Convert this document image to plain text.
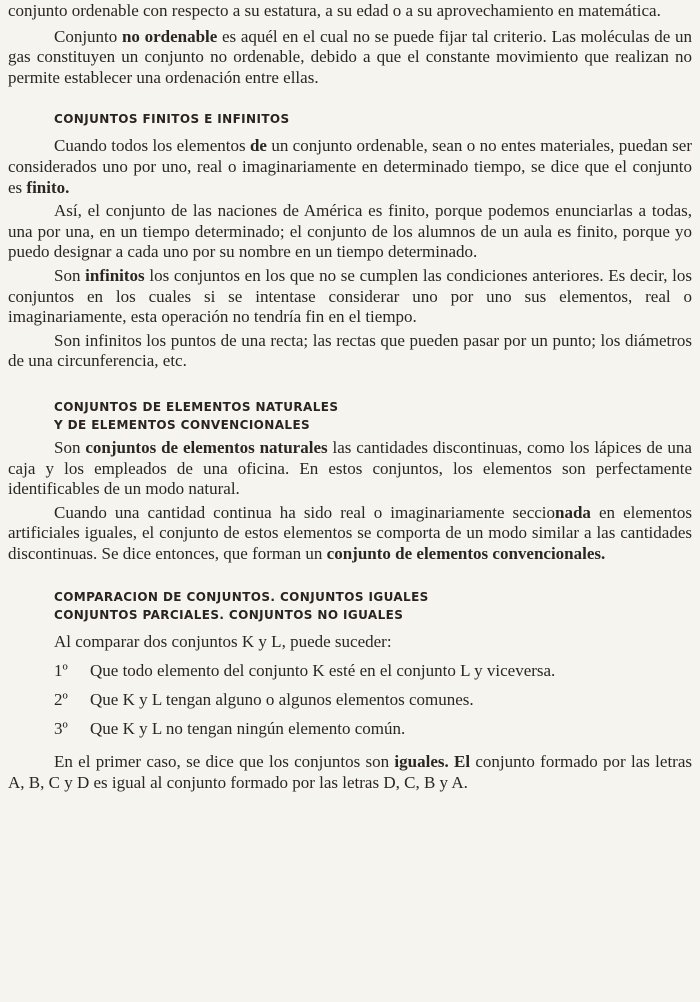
conjunto ordenable con respecto a su estatura, a su edad o a su aprovechamiento en matemática.

Conjunto no ordenable es aquél en el cual no se puede fijar tal criterio. Las moléculas de un gas constituyen un conjunto no ordenable, debido a que el constante movimiento que realizan no permite establecer una ordenación entre ellas.

CONJUNTOS FINITOS E INFINITOS

Cuando todos los elementos de un conjunto ordenable, sean o no entes materiales, puedan ser considerados uno por uno, real o imaginariamente en determinado tiempo, se dice que el conjunto es finito.

Así, el conjunto de las naciones de América es finito, porque podemos enunciarlas a todas, una por una, en un tiempo determinado; el conjunto de los alumnos de un aula es finito, porque yo puedo designar a cada uno por su nombre en un tiempo determinado.

Son infinitos los conjuntos en los que no se cumplen las condiciones anteriores. Es decir, los conjuntos en los cuales si se intentase considerar uno por uno sus elementos, real o imaginariamente, esta operación no tendría fin en el tiempo.

Son infinitos los puntos de una recta; las rectas que pueden pasar por un punto; los diámetros de una circunferencia, etc.

CONJUNTOS DE ELEMENTOS NATURALES
Y DE ELEMENTOS CONVENCIONALES

Son conjuntos de elementos naturales las cantidades discontinuas, como los lápices de una caja y los empleados de una oficina. En estos conjuntos, los elementos son perfectamente identificables de un modo natural.

Cuando una cantidad continua ha sido real o imaginariamente seccionada en elementos artificiales iguales, el conjunto de estos elementos se comporta de un modo similar a las cantidades discontinuas. Se dice entonces, que forman un conjunto de elementos convencionales.

COMPARACION DE CONJUNTOS. CONJUNTOS IGUALES
CONJUNTOS PARCIALES. CONJUNTOS NO IGUALES

Al comparar dos conjuntos K y L, puede suceder:

1º	Que todo elemento del conjunto K esté en el conjunto L y viceversa.
2º	Que K y L tengan alguno o algunos elementos comunes.
3º	Que K y L no tengan ningún elemento común.

En el primer caso, se dice que los conjuntos son iguales. El conjunto formado por las letras A, B, C y D es igual al conjunto formado por las letras D, C, B y A.
